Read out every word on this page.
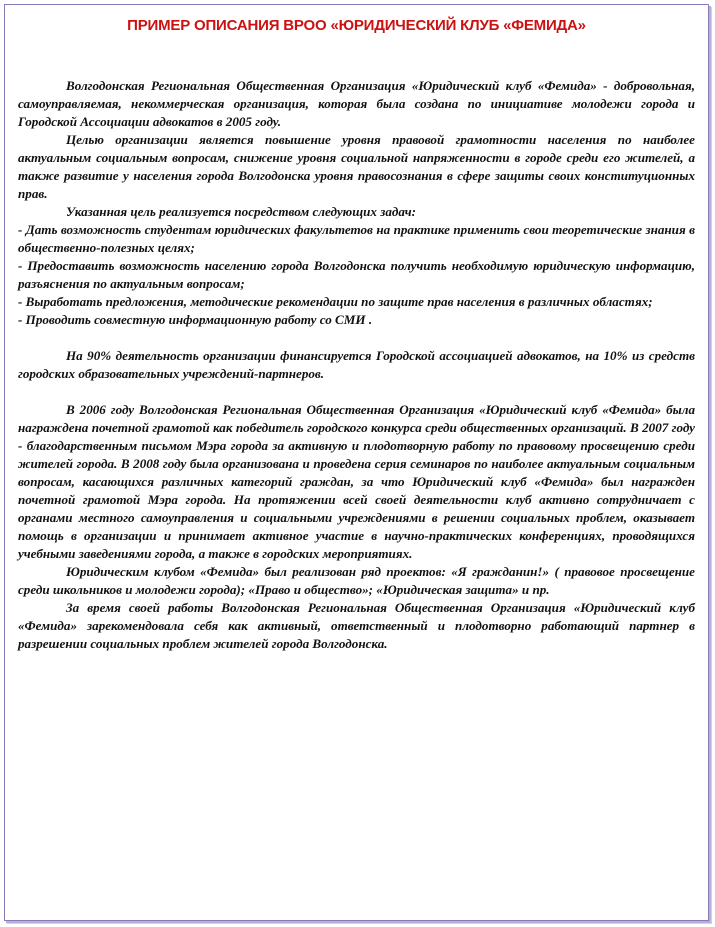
ПРИМЕР ОПИСАНИЯ ВРОО «ЮРИДИЧЕСКИЙ КЛУБ «ФЕМИДА»

Волгодонская Региональная Общественная Организация «Юридический клуб «Фемида» - добровольная, самоуправляемая, некоммерческая организация, которая была создана по инициативе молодежи города и Городской Ассоциации адвокатов в 2005 году.

Целью организации является повышение уровня правовой грамотности населения по наиболее актуальным социальным вопросам, снижение уровня социальной напряженности в городе среди его жителей, а также развитие у населения города Волгодонска уровня правосознания в сфере защиты своих конституционных прав.

Указанная цель реализуется посредством следующих задач:

- Дать возможность студентам юридических факультетов на практике применить свои теоретические знания в общественно-полезных целях;

- Предоставить возможность населению города Волгодонска получить необходимую юридическую информацию, разъяснения по актуальным вопросам;

- Выработать предложения, методические рекомендации по защите прав населения в различных областях;

- Проводить совместную информационную работу со СМИ .

На 90% деятельность организации финансируется Городской ассоциацией адвокатов, на 10% из средств городских образовательных учреждений-партнеров.

В 2006 году Волгодонская Региональная Общественная Организация «Юридический клуб «Фемида» была награждена почетной грамотой как победитель городского конкурса среди общественных организаций. В 2007 году - благодарственным письмом Мэра города за активную и плодотворную работу по правовому просвещению среди жителей города. В 2008 году была организована и проведена серия семинаров по наиболее актуальным социальным вопросам, касающихся различных категорий граждан, за что Юридический клуб «Фемида» был награжден почетной грамотой Мэра города. На протяжении всей своей деятельности клуб активно сотрудничает с органами местного самоуправления и социальными учреждениями в решении социальных проблем, оказывает помощь в организации и принимает активное участие в научно-практических конференциях, проводящихся учебными заведениями города, а также в городских мероприятиях.

Юридическим клубом «Фемида» был реализован ряд проектов: «Я гражданин!» ( правовое просвещение среди школьников и молодежи города); «Право и общество»; «Юридическая защита» и пр.

За время своей работы Волгодонская Региональная Общественная Организация «Юридический клуб «Фемида» зарекомендовала себя как активный, ответственный и плодотворно работающий партнер в разрешении социальных проблем жителей города Волгодонска.
